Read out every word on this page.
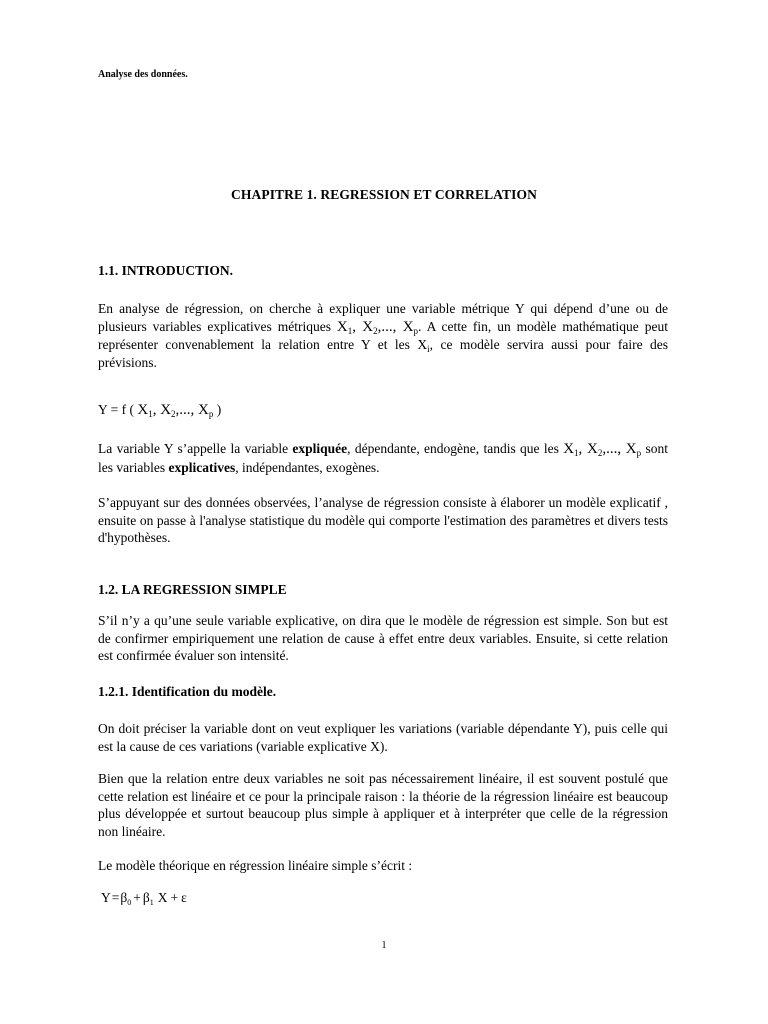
Analyse des données.

CHAPITRE 1. REGRESSION ET CORRELATION

1.1. INTRODUCTION.

En analyse de régression, on cherche à expliquer une variable métrique Y qui dépend d’une ou de plusieurs variables explicatives métriques $X_1$, $X_2$,..., $X_p$. A cette fin, un modèle mathématique peut représenter convenablement la relation entre Y et les $X_i$, ce modèle servira aussi pour faire des prévisions.

Y = f ( $X_1$, $X_2$,..., $X_p$ )

La variable Y s’appelle la variable expliquée, dépendante, endogène, tandis que les $X_1$, $X_2$,..., $X_p$ sont les variables explicatives, indépendantes, exogènes.

S’appuyant sur des données observées, l’analyse de régression consiste à élaborer un modèle explicatif , ensuite on passe à l'analyse statistique du modèle qui comporte l'estimation des paramètres et divers tests d'hypothèses.

1.2. LA REGRESSION SIMPLE

S’il n’y a qu’une seule variable explicative, on dira que le modèle de régression est simple. Son but est de confirmer empiriquement une relation de cause à effet entre deux variables. Ensuite, si cette relation est confirmée évaluer son intensité.

1.2.1. Identification du modèle.

On doit préciser la variable dont on veut expliquer les variations (variable dépendante Y), puis celle qui est la cause de ces variations (variable explicative X).

Bien que la relation entre deux variables ne soit pas nécessairement linéaire, il est souvent postulé que cette relation est linéaire et ce pour la principale raison : la théorie de la régression linéaire est beaucoup plus développée et surtout beaucoup plus simple à appliquer et à interpréter que celle de la régression non linéaire.

Le modèle théorique en régression linéaire simple s’écrit :

Y=β0 + β1 X + ε

1
